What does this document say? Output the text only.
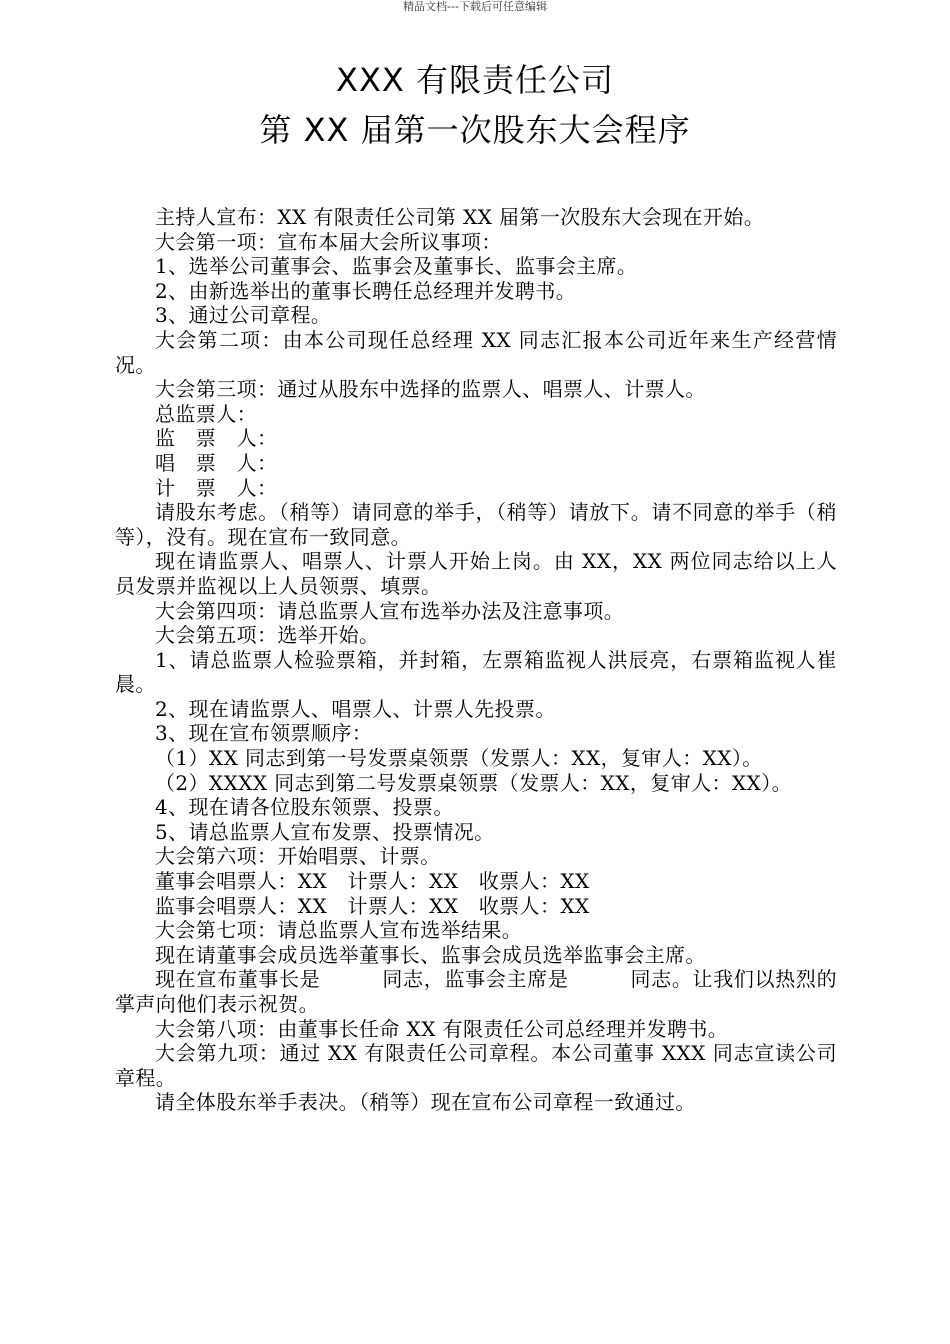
精品文档---下载后可任意编辑
XXX 有限责任公司
第 XX 届第一次股东大会程序

主持人宣布：XX 有限责任公司第 XX 届第一次股东大会现在开始。

大会第一项：宣布本届大会所议事项：

1、选举公司董事会、监事会及董事长、监事会主席。

2、由新选举出的董事长聘任总经理并发聘书。

3、通过公司章程。

大会第二项：由本公司现任总经理 XX 同志汇报本公司近年来生产经营情况。

大会第三项：通过从股东中选择的监票人、唱票人、计票人。

总监票人：

监　票　人：

唱　票　人：

计　票　人：

请股东考虑。（稍等）请同意的举手，（稍等）请放下。请不同意的举手（稍等），没有。现在宣布一致同意。

现在请监票人、唱票人、计票人开始上岗。由 XX，XX 两位同志给以上人员发票并监视以上人员领票、填票。

大会第四项：请总监票人宣布选举办法及注意事项。

大会第五项：选举开始。

1、请总监票人检验票箱，并封箱，左票箱监视人洪辰亮，右票箱监视人崔晨。

2、现在请监票人、唱票人、计票人先投票。

3、现在宣布领票顺序：

（1）XX 同志到第一号发票桌领票（发票人：XX，复审人：XX）。

（2）XXXX 同志到第二号发票桌领票（发票人：XX，复审人：XX）。

4、现在请各位股东领票、投票。

5、请总监票人宣布发票、投票情况。

大会第六项：开始唱票、计票。

董事会唱票人：XX　计票人：XX　收票人：XX

监事会唱票人：XX　计票人：XX　收票人：XX

大会第七项：请总监票人宣布选举结果。

现在请董事会成员选举董事长、监事会成员选举监事会主席。

现在宣布董事长是　　　同志，监事会主席是　　　同志。让我们以热烈的掌声向他们表示祝贺。

大会第八项：由董事长任命 XX 有限责任公司总经理并发聘书。

大会第九项：通过 XX 有限责任公司章程。本公司董事 XXX 同志宣读公司章程。

请全体股东举手表决。（稍等）现在宣布公司章程一致通过。
